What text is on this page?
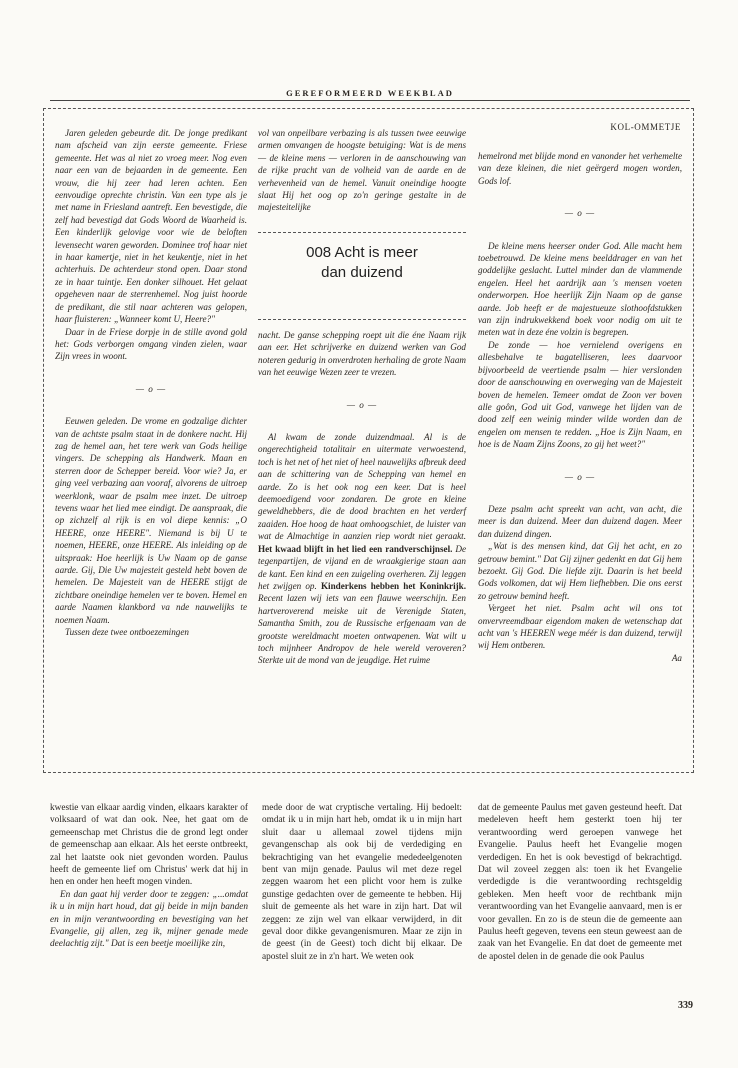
GEREFORMEERD WEEKBLAD

Jaren geleden gebeurde dit. De jonge predikant nam afscheid van zijn eerste gemeente. Friese gemeente. Het was al niet zo vroeg meer. Nog even naar een van de bejaarden in de gemeente. Een vrouw, die hij zeer had leren achten. Een eenvoudige oprechte christin. Van een type als je met name in Friesland aantreft. Een bevestigde, die zelf had bevestigd dat Gods Woord de Waarheid is. Een kinderlijk gelovige voor wie de beloften levensecht waren geworden. Dominee trof haar niet in haar kamertje, niet in het keukentje, niet in het achterhuis. De achterdeur stond open. Daar stond ze in haar tuintje. Een donker silhouet. Het gelaat opgeheven naar de sterrenhemel. Nog juist hoorde de predikant, die stil naar achteren was gelopen, haar fluisteren: „Wanneer komt U, Heere?"

Daar in de Friese dorpje in de stille avond gold het: Gods verborgen omgang vinden zielen, waar Zijn vrees in woont.

— o —

Eeuwen geleden. De vrome en godzalige dichter van de achtste psalm staat in de donkere nacht. Hij zag de hemel aan, het tere werk van Gods heilige vingers. De schepping als Handwerk. Maan en sterren door de Schepper bereid. Voor wie? Ja, er ging veel verbazing aan vooraf, alvorens de uitroep weerklonk, waar de psalm mee inzet. De uitroep tevens waar het lied mee eindigt. De aanspraak, die op zichzelf al rijk is en vol diepe kennis: „O HEERE, onze HEERE". Niemand is bij U te noemen, HEERE, onze HEERE. Als inleiding op de uitspraak: Hoe heerlijk is Uw Naam op de ganse aarde. Gij, Die Uw majesteit gesteld hebt boven de hemelen. De Majesteit van de HEERE stijgt de zichtbare oneindige hemelen ver te boven. Hemel en aarde Naamen klankbord va nde nauwelijks te noemen Naam.

Tussen deze twee ontboezemingen

vol van onpeilbare verbazing is als tussen twee eeuwige armen omvangen de hoogste betuiging: Wat is de mens — de kleine mens — verloren in de aanschouwing van de rijke pracht van de volheid van de aarde en de verhevenheid van de hemel. Vanuit oneindige hoogte slaat Hij het oog op zo'n geringe gestalte in de majesteitelijke

008 Acht is meer
dan duizend

nacht. De ganse schepping roept uit die éne Naam rijk aan eer. Het schrijverke en duizend werken van God noteren gedurig in onverdroten herhaling de grote Naam van het eeuwige Wezen zeer te vrezen.

— o —

Al kwam de zonde duizendmaal. Al is de ongerechtigheid totalitair en uitermate verwoestend, toch is het net of het niet of heel nauwelijks afbreuk deed aan de schittering van de Schepping van hemel en aarde. Zo is het ook nog een keer. Dat is heel deemoedigend voor zondaren. De grote en kleine geweldhebbers, die de dood brachten en het verderf zaaiden. Hoe hoog de haat omhoogschiet, de luister van wat de Almachtige in aanzien riep wordt niet geraakt. Het kwaad blijft in het lied een randverschijnsel. De tegenpartijen, de vijand en de wraakgierige staan aan de kant. Een kind en een zuigeling overheren. Zij leggen het zwijgen op. Kinderkens hebben het Koninkrijk. Recent lazen wij iets van een flauwe weerschijn. Een hartveroverend meiske uit de Verenigde Staten, Samantha Smith, zou de Russische erfgenaam van de grootste wereldmacht moeten ontwapenen. Wat wilt u toch mijnheer Andropov de hele wereld veroveren? Sterkte uit de mond van de jeugdige. Het ruime

KOL-OMMETJE

hemelrond met blijde mond en vanonder het verhemelte van deze kleinen, die niet geërgerd mogen worden, Gods lof.

— o —

De kleine mens heerser onder God. Alle macht hem toebetrouwd. De kleine mens beelddrager en van het goddelijke geslacht. Luttel minder dan de vlammende engelen. Heel het aardrijk aan 's mensen voeten onderworpen. Hoe heerlijk Zijn Naam op de ganse aarde. Job heeft er de majestueuze slothoofdstukken van zijn indrukwekkend boek voor nodig om uit te meten wat in deze éne volzin is begrepen.

De zonde — hoe vernielend overigens en allesbehalve te bagatelliseren, lees daarvoor bijvoorbeeld de veertiende psalm — hier verslonden door de aanschouwing en overweging van de Majesteit boven de hemelen. Temeer omdat de Zoon ver boven alle goôn, God uit God, vanwege het lijden van de dood zelf een weinig minder wilde worden dan de engelen om mensen te redden. „Hoe is Zijn Naam, en hoe is de Naam Zijns Zoons, zo gij het weet?"

— o —

Deze psalm acht spreekt van acht, van acht, die meer is dan duizend. Meer dan duizend dagen. Meer dan duizend dingen.

„Wat is des mensen kind, dat Gij het acht, en zo getrouw bemint." Dat Gij zijner gedenkt en dat Gij hem bezoekt. Gij God. Die liefde zijt. Daarin is het beeld Gods volkomen, dat wij Hem liefhebben. Die ons eerst zo getrouw bemind heeft.

Vergeet het niet. Psalm acht wil ons tot onvervreemdbaar eigendom maken de wetenschap dat acht van 's HEEREN wege méér is dan duizend, terwijl wij Hem ontberen.

Aa

kwestie van elkaar aardig vinden, elkaars karakter of volksaard of wat dan ook. Nee, het gaat om de gemeenschap met Christus die de grond legt onder de gemeenschap aan elkaar. Als het eerste ontbreekt, zal het laatste ook niet gevonden worden. Paulus heeft de gemeente lief om Christus' werk dat hij in hen en onder hen heeft mogen vinden.

En dan gaat hij verder door te zeggen: „...omdat ik u in mijn hart houd, dat gij beide in mijn banden en in mijn verantwoording en bevestiging van het Evangelie, gij allen, zeg ik, mijner genade mede deelachtig zijt." Dat is een beetje moeilijke zin,

mede door de wat cryptische vertaling. Hij bedoelt: omdat ik u in mijn hart heb, omdat ik u in mijn hart sluit daar u allemaal zowel tijdens mijn gevangenschap als ook bij de verdediging en bekrachtiging van het evangelie mededeelgenoten bent van mijn genade. Paulus wil met deze regel zeggen waarom het een plicht voor hem is zulke gunstige gedachten over de gemeente te hebben. Hij sluit de gemeente als het ware in zijn hart. Dat wil zeggen: ze zijn wel van elkaar verwijderd, in dit geval door dikke gevangenismuren. Maar ze zijn in de geest (in de Geest) toch dicht bij elkaar. De apostel sluit ze in z'n hart. We weten ook

dat de gemeente Paulus met gaven gesteund heeft. Dat medeleven heeft hem gesterkt toen hij ter verantwoording werd geroepen vanwege het Evangelie. Paulus heeft het Evangelie mogen verdedigen. En het is ook bevestigd of bekrachtigd. Dat wil zoveel zeggen als: toen ik het Evangelie verdedigde is die verantwoording rechtsgeldig gebleken. Men heeft voor de rechtbank mijn verantwoording van het Evangelie aanvaard, men is er voor gevallen. En zo is de steun die de gemeente aan Paulus heeft gegeven, tevens een steun geweest aan de zaak van het Evangelie. En dat doet de gemeente met de apostel delen in de genade die ook Paulus

339
